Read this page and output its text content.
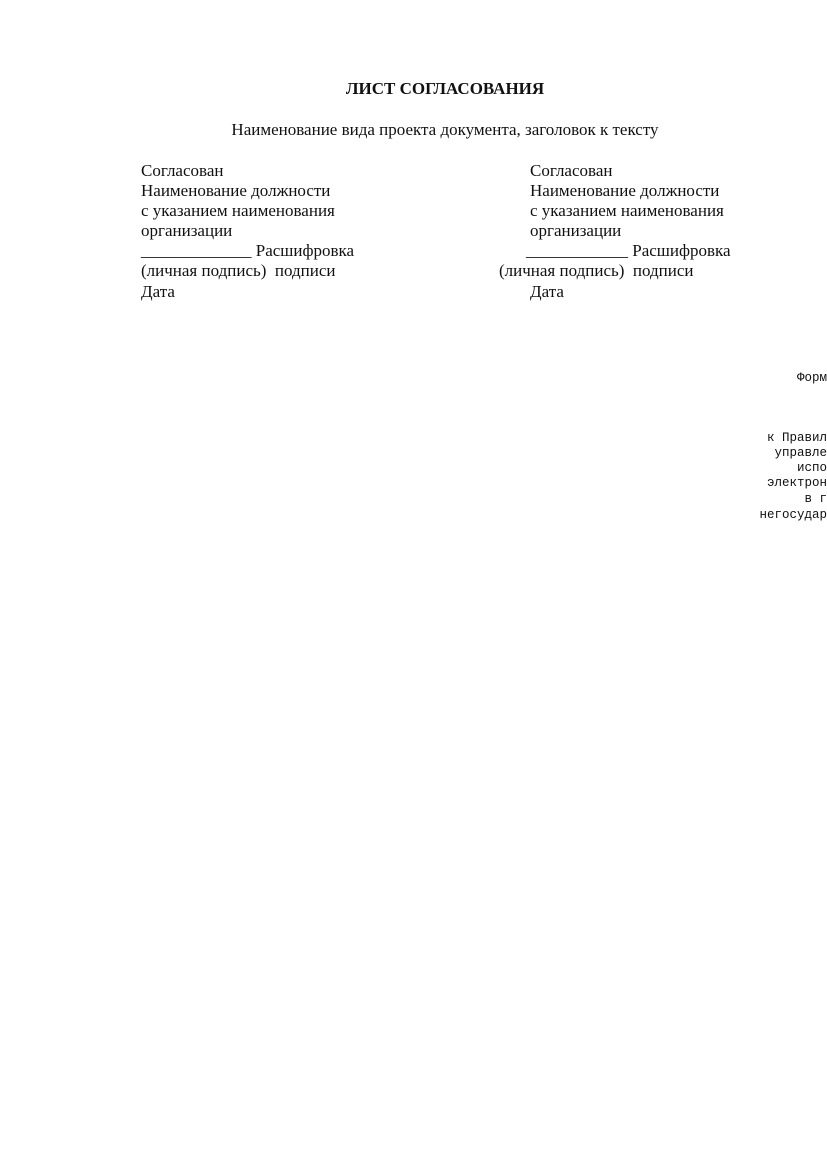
ЛИСТ СОГЛАСОВАНИЯ
Наименование вида проекта документа, заголовок к тексту
Согласован
Наименование должности
с указанием наименования
организации
_____________ Расшифровка
(личная подпись)  подписи
Дата
Согласован
Наименование должности
с указанием наименования
организации
____________ Расшифровка
(личная подпись)  подписи
Дата
Форм
к Правил
управле
испо
электрон
в г
негосудар
